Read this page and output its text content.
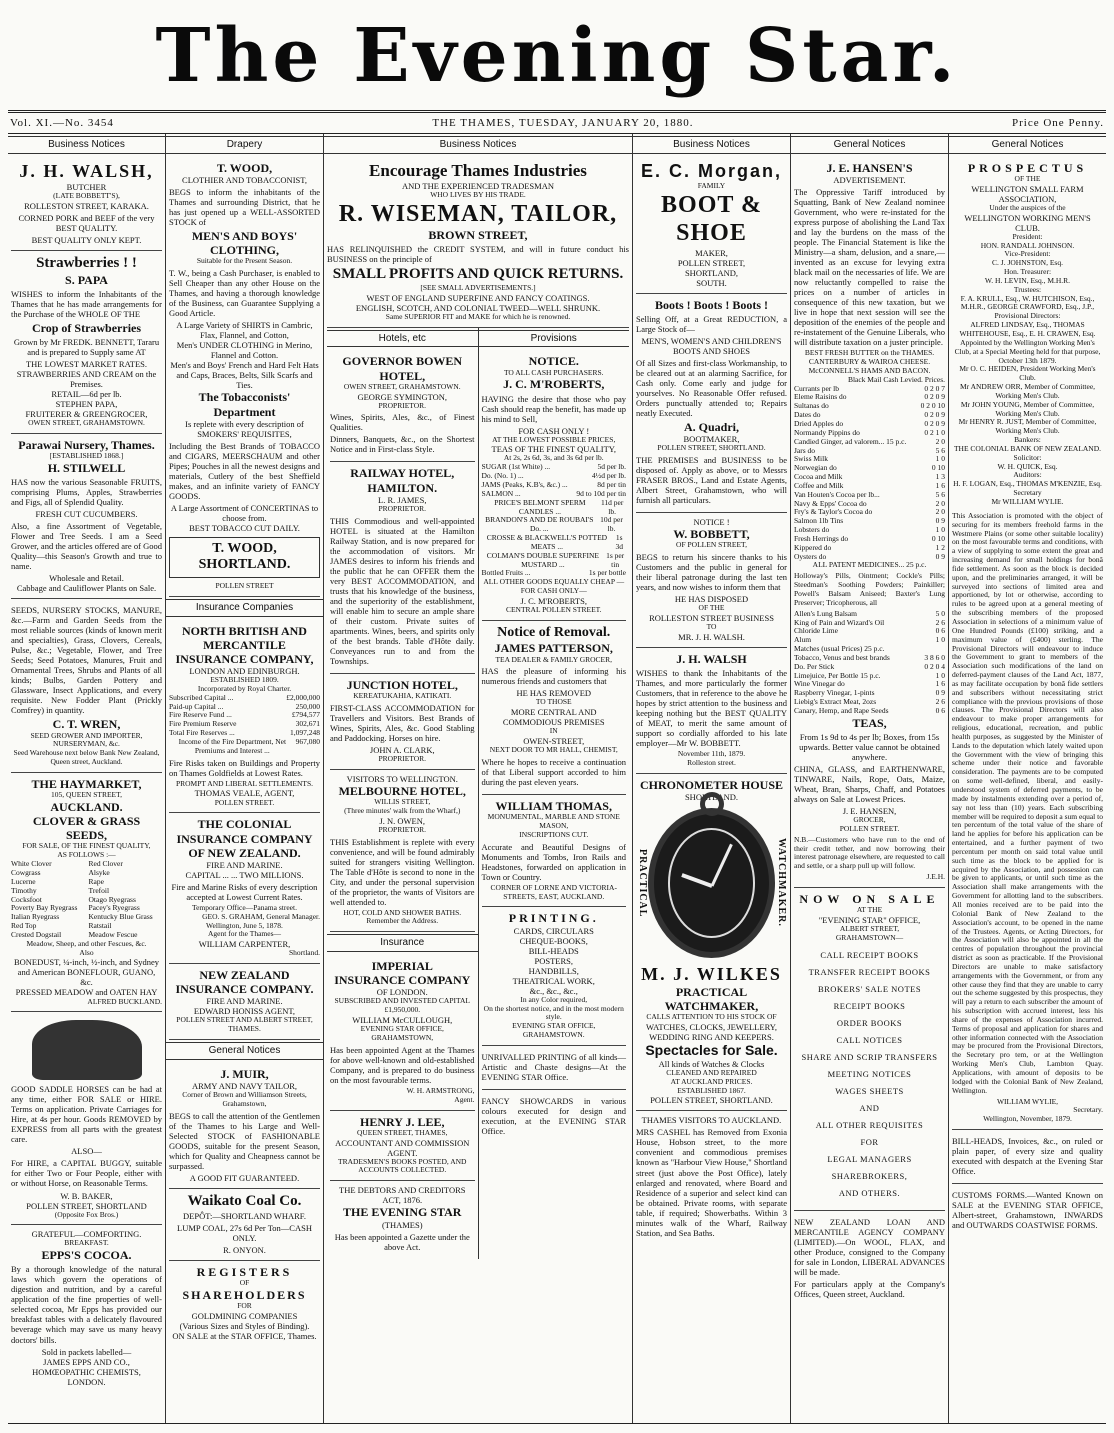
The Evening Star.
Vol. XI.—No. 3454	THE THAMES, TUESDAY, JANUARY 20, 1880.	Price One Penny.
Business Notices
J. H. WALSH,
BUTCHER
(LATE BOBBETT'S),
ROLLESTON STREET, KARAKA.

CORNED PORK and BEEF of the very BEST QUALITY.

BEST QUALITY ONLY KEPT.
Strawberries ! !
S. PAPA

WISHES to inform the Inhabitants of the Thames that he has made arrangements for the Purchase of the WHOLE OF THE

Crop of Strawberries

Grown by Mr FREDK. BENNETT, Tararu and is prepared to Supply same AT

THE LOWEST MARKET RATES.
STRAWBERRIES AND CREAM on the Premises.
RETAIL—6d per lb.
STEPHEN PAPA,
FRUITERER & GREENGROCER,
OWEN STREET, GRAHAMSTOWN.
Parawai Nursery, Thames.
[ESTABLISHED 1868.]
H. STILWELL

HAS now the various Seasonable FRUITS, comprising Plums, Apples, Strawberries and Figs, all of Splendid Quality.

FRESH CUT CUCUMBERS.

Also, a fine Assortment of Vegetable, Flower and Tree Seeds. I am a Seed Grower, and the articles offered are of Good Quality—this Season's Growth and true to name.

Wholesale and Retail.
Cabbage and Cauliflower Plants on Sale.

SEEDS, NURSERY STOCKS, MANURE, &c.—Farm and Garden Seeds from the most reliable sources (kinds of known merit and specialties), Grass, Clovers, Cereals, Pulse, &c.; Vegetable, Flower, and Tree Seeds; Seed Potatoes, Manures, Fruit and Ornamental Trees, Shrubs and Plants of all kinds; Bulbs, Garden Pottery and Glassware, Insect Applications, and every requisite. New Fodder Plant (Prickly Comfrey) in quantity.

C. T. WREN,
SEED GROWER AND IMPORTER, NURSERYMAN, &c.
Seed Warehouse next below Bank New Zealand, Queen street, Auckland.
THE HAYMARKET,
105, QUEEN STREET,
AUCKLAND.
CLOVER & GRASS SEEDS,
FOR SALE, OF THE FINEST QUALITY,
AS FOLLOWS :—
White Clover	Red Clover
Cowgrass	Alsyke
Lucerne	Rape
Timothy	Trefoil
Cocksfoot	Otago Ryegrass
Poverty Bay Ryegrass	Pacey's Ryegrass
Italian Ryegrass	Kentucky Blue Grass
Red Top	Ratstail
Crested Dogstail	Meadow Fescue
Meadow, Sheep, and other Fescues, &c.
Also
BONEDUST, ¼-inch, ½-inch, and Sydney and American BONEFLOUR, GUANO, &c.
PRESSED MEADOW and OATEN HAY
ALFRED BUCKLAND.

GOOD SADDLE HORSES can be had at any time, either FOR SALE or HIRE. Terms on application. Private Carriages for Hire, at 4s per hour. Goods REMOVED by EXPRESS from all parts with the greatest care.

ALSO—

For HIRE, a CAPITAL BUGGY, suitable for either Two or Four People, either with or without Horse, on Reasonable Terms.

W. B. BAKER,
POLLEN STREET, SHORTLAND
(Opposite Fox Bros.)
GRATEFUL—COMFORTING.
BREAKFAST.
EPPS'S COCOA.

By a thorough knowledge of the natural laws which govern the operations of digestion and nutrition, and by a careful application of the fine properties of well-selected cocoa, Mr Epps has provided our breakfast tables with a delicately flavoured beverage which may save us many heavy doctors' bills.

Sold in packets labelled—
JAMES EPPS AND CO.,
HOMŒOPATHIC CHEMISTS,
LONDON.
Drapery
T. WOOD,
CLOTHIER AND TOBACCONIST,

BEGS to inform the inhabitants of the Thames and surrounding District, that he has just opened up a WELL-ASSORTED STOCK of

MEN'S AND BOYS' CLOTHING,
Suitable for the Present Season.

T. W., being a Cash Purchaser, is enabled to Sell Cheaper than any other House on the Thames, and having a thorough knowledge of the Business, can Guarantee Supplying a Good Article.

A Large Variety of SHIRTS in Cambric, Flax, Flannel, and Cotton,
Men's UNDER CLOTHING in Merino, Flannel and Cotton.
Men's and Boys' French and Hard Felt Hats and Caps, Braces, Belts, Silk Scarfs and Ties.
The Tobacconists' Department
Is replete with every description of SMOKERS' REQUISITES,

Including the Best Brands of TOBACCO and CIGARS, MEERSCHAUM and other Pipes; Pouches in all the newest designs and materials, Cutlery of the best Sheffield makes, and an infinite variety of FANCY GOODS.

A Large Assortment of CONCERTINAS to choose from.
BEST TOBACCO CUT DAILY.
T. WOOD, SHORTLAND.
POLLEN STREET
Insurance Companies
NORTH BRITISH AND MERCANTILE INSURANCE COMPANY,
LONDON AND EDINBURGH.
ESTABLISHED 1809.
Incorporated by Royal Charter.
Subscribed Capital ...	£2,000,000
Paid-up Capital ...	250,000
Fire Reserve Fund ...	£794,577
Fire Premium Reserve	302,671
Total Fire Reserves ...	1,097,248
Income of the Fire Department, Net Premiums and Interest ...
967,080

Fire Risks taken on Buildings and Property on Thames Goldfields at Lowest Rates.

PROMPT AND LIBERAL SETTLEMENTS.
THOMAS VEALE, AGENT,
POLLEN STREET.
THE COLONIAL INSURANCE COMPANY OF NEW ZEALAND.
FIRE AND MARINE.
CAPITAL ... ... TWO MILLIONS.

Fire and Marine Risks of every description accepted at Lowest Current Rates.

Temporary Office—Panama street.
GEO. S. GRAHAM, General Manager.
Wellington, June 5, 1878.
Agent for the Thames—
WILLIAM CARPENTER,
Shortland.
NEW ZEALAND INSURANCE COMPANY.
FIRE AND MARINE.
EDWARD HONISS AGENT,
POLLEN STREET AND ALBERT STREET, THAMES.
General Notices
J. MUIR,
ARMY AND NAVY TAILOR,
Corner of Brown and Williamson Streets, Grahamstown,

BEGS to call the attention of the Gentlemen of the Thames to his Large and Well-Selected STOCK of FASHIONABLE GOODS, suitable for the present Season, which for Quality and Cheapness cannot be surpassed.

A GOOD FIT GUARANTEED.
Waikato Coal Co.
DEPÔT:—SHORTLAND WHARF.

LUMP COAL, 27s 6d Per Ton—CASH ONLY.

R. ONYON.
REGISTERS
OF
SHAREHOLDERS
FOR
GOLDMINING COMPANIES
(Various Sizes and Styles of Binding).
ON SALE at the STAR OFFICE, Thames.
Business Notices
Encourage Thames Industries
AND THE EXPERIENCED TRADESMAN
WHO LIVES BY HIS TRADE.
R. WISEMAN, TAILOR,
BROWN STREET,

HAS RELINQUISHED the CREDIT SYSTEM, and will in future conduct his BUSINESS on the principle of

SMALL PROFITS AND QUICK RETURNS.
[SEE SMALL ADVERTISEMENTS.]
WEST OF ENGLAND SUPERFINE AND FANCY COATINGS.
ENGLISH, SCOTCH, AND COLONIAL TWEED—WELL SHRUNK.
Same SUPERIOR FIT and MAKE for which he is renowned.
Hotels, etc
GOVERNOR BOWEN HOTEL,
OWEN STREET, GRAHAMSTOWN.
GEORGE SYMINGTON,
PROPRIETOR.

Wines, Spirits, Ales, &c., of Finest Qualities.

Dinners, Banquets, &c., on the Shortest Notice and in First-class Style.

RAILWAY HOTEL, HAMILTON.
L. R. JAMES,
PROPRIETOR.

THIS Commodious and well-appointed HOTEL is situated at the Hamilton Railway Station, and is now prepared for the accommodation of visitors. Mr JAMES desires to inform his friends and the public that he can OFFER them the very BEST ACCOMMODATION, and trusts that his knowledge of the business, and the superiority of the establishment, will enable him to secure an ample share of their custom. Private suites of apartments. Wines, beers, and spirits only of the best brands. Table d'Hôte daily. Conveyances run to and from the Townships.

JUNCTION HOTEL,
KEREATUKAHIA, KATIKATI.

FIRST-CLASS ACCOMMODATION for Travellers and Visitors. Best Brands of Wines, Spirits, Ales, &c. Good Stabling and Paddocking. Horses on hire.

JOHN A. CLARK,
PROPRIETOR.
VISITORS TO WELLINGTON.
MELBOURNE HOTEL,
WILLIS STREET,
(Three minutes' walk from the Wharf,)
J. N. OWEN,
PROPRIETOR.

THIS Establishment is replete with every convenience, and will be found admirably suited for strangers visiting Wellington. The Table d'Hôte is second to none in the City, and under the personal supervision of the proprietor, the wants of Visitors are well attended to.

HOT, COLD AND SHOWER BATHS.
Remember the Address.
Insurance
IMPERIAL
INSURANCE COMPANY
OF LONDON.
SUBSCRIBED AND INVESTED CAPITAL £1,950,000.
WILLIAM McCULLOUGH,
EVENING STAR OFFICE,
GRAHAMSTOWN,

Has been appointed Agent at the Thames for above well-known and old-established Company, and is prepared to do business on the most favourable terms.

W. H. ARMSTRONG,
Agent.
HENRY J. LEE,
QUEEN STREET, THAMES,
ACCOUNTANT AND COMMISSION AGENT.
TRADESMEN'S BOOKS POSTED, AND ACCOUNTS COLLECTED.
THE DEBTORS AND CREDITORS ACT, 1876.
THE EVENING STAR
(THAMES)

Has been appointed a Gazette under the above Act.

Provisions
NOTICE.
TO ALL CASH PURCHASERS.
J. C. M'ROBERTS,

HAVING the desire that those who pay Cash should reap the benefit, has made up his mind to Sell,

FOR CASH ONLY !
AT THE LOWEST POSSIBLE PRICES,
TEAS OF THE FINEST QUALITY,
At 2s, 2s 6d, 3s, and 3s 6d per lb.
SUGAR (1st White) ...	5d per lb.
Do. (No. 1) ...	4½d per lb.
JAMS (Peaks, K.B's, &c.) ...	8d per tin
SALMON ...	9d to 10d per tin
PRICE'S BELMONT SPERM CANDLES ...
11d per lb.
BRANDON'S AND DE ROUBAI'S Do. ...
10d per lb.
CROSSE & BLACKWELL'S POTTED MEATS ...
1s 3d
COLMAN'S DOUBLE SUPERFINE MUSTARD ...
1s per tin
Bottled Fruits ...	1s per bottle
ALL OTHER GOODS EQUALLY CHEAP —FOR CASH ONLY—
J. C. M'ROBERTS,
CENTRAL POLLEN STREET.
Notice of Removal.
JAMES PATTERSON,
TEA DEALER & FAMILY GROCER,

HAS the pleasure of informing his numerous friends and customers that

HE HAS REMOVED
TO THOSE
MORE CENTRAL AND COMMODIOUS PREMISES
IN
OWEN-STREET,
NEXT DOOR TO MR HALL, CHEMIST,

Where he hopes to receive a continuation of that Liberal support accorded to him during the past eleven years.

WILLIAM THOMAS,
MONUMENTAL, MARBLE AND STONE MASON,
INSCRIPTIONS CUT.

Accurate and Beautiful Designs of Monuments and Tombs, Iron Rails and Headstones, forwarded on application in Town or Country.

CORNER OF LORNE AND VICTORIA-STREETS, EAST, AUCKLAND.
PRINTING.
CARDS, CIRCULARS
CHEQUE-BOOKS,
BILL-HEADS
POSTERS,
HANDBILLS,
THEATRICAL WORK,
&c., &c., &c.,
In any Color required,
On the shortest notice, and in the most modern style.
EVENING STAR OFFICE,
GRAHAMSTOWN.

UNRIVALLED PRINTING of all kinds—Artistic and Chaste designs—At the EVENING STAR Office.

FANCY SHOWCARDS in various colours executed for design and execution, at the EVENING STAR Office.

Business Notices
E. C. Morgan,
FAMILY
BOOT & SHOE
MAKER,
POLLEN STREET,
SHORTLAND,
SOUTH.
Boots ! Boots ! Boots !

Selling Off, at a Great REDUCTION, a Large Stock of—

MEN'S, WOMEN'S AND CHILDREN'S BOOTS AND SHOES

Of all Sizes and first-class Workmanship, to be cleared out at an alarming Sacrifice, for Cash only. Come early and judge for yourselves. No Reasonable Offer refused. Orders punctually attended to; Repairs neatly Executed.

A. Quadri,
BOOTMAKER,
POLLEN STREET, SHORTLAND.

THE PREMISES and BUSINESS to be disposed of. Apply as above, or to Messrs FRASER BROS., Land and Estate Agents, Albert Street, Grahamstown, who will furnish all particulars.

NOTICE !
W. BOBBETT,
OF POLLEN STREET,

BEGS to return his sincere thanks to his Customers and the public in general for their liberal patronage during the last ten years, and now wishes to inform them that

HE HAS DISPOSED
OF THE
ROLLESTON STREET BUSINESS
TO
MR. J. H. WALSH.
J. H. WALSH

WISHES to thank the Inhabitants of the Thames, and more particularly the former Customers, that in reference to the above he hopes by strict attention to the business and keeping nothing but the BEST QUALITY of MEAT, to merit the same amount of support so cordially afforded to his late employer—Mr W. BOBBETT.

November 11th, 1879.
Rolleston street.
CHRONOMETER HOUSE
SHORTLAND.
PRACTICAL	WATCHMAKER.
M. J. WILKES
PRACTICAL WATCHMAKER,
CALLS ATTENTION TO HIS STOCK OF
WATCHES, CLOCKS, JEWELLERY, WEDDING RING AND KEEPERS.
Spectacles for Sale.
All kinds of Watches & Clocks
CLEANED AND REPAIRED
AT AUCKLAND PRICES.
ESTABLISHED 1867.
POLLEN STREET, SHORTLAND.
THAMES VISITORS TO AUCKLAND.

MRS CASHEL has Removed from Exonia House, Hobson street, to the more convenient and commodious premises known as "Harbour View House," Shortland street (just above the Post Office), lately enlarged and renovated, where Board and Residence of a superior and select kind can be obtained. Private rooms, with separate table, if required; Showerbaths. Within 3 minutes walk of the Wharf, Railway Station, and Sea Baths.

General Notices
J. E. HANSEN'S
ADVERTISEMENT.

The Oppressive Tariff introduced by Squatting, Bank of New Zealand nominee Government, who were re-instated for the express purpose of abolishing the Land Tax and lay the burdens on the mass of the people. The Financial Statement is like the Ministry—a sham, delusion, and a snare,—invented as an excuse for levying extra black mail on the necessaries of life. We are now reluctantly compelled to raise the prices on a number of articles in consequence of this new taxation, but we live in hope that next session will see the deposition of the enemies of the people and re-instatement of the Genuine Liberals, who will distribute taxation on a juster principle.

BEST FRESH BUTTER on the THAMES. CANTERBURY & WAIROA CHEESE. McCONNELL'S HAMS AND BACON.
Black Mail Cash Levied. Prices.
Currants per lb	0 2 0 7
Eleme Raisins do	0 2 0 9
Sultanas do	0 2 0 10
Dates do	0 2 0 9
Dried Apples do	0 2 0 9
Normandy Pippins do	0 2 1 0
Candied Ginger, ad valorem... 15 p.c.	2 0
Jars do	5 6
Swiss Milk	1 0
Norwegian do	0 10
Cocoa and Milk	1 3
Coffee and Milk	1 6
Van Houten's Cocoa per lb...	5 6
Navy & Epps' Cocoa do	2 0
Fry's & Taylor's Cocoa do	2 0
Salmon 1lb Tins	0 9
Lobsters do	1 0
Fresh Herrings do	0 10
Kippered do	1 2
Oysters do	0 9
ALL PATENT MEDICINES... 25 p.c.

Holloway's Pills, Ointment; Cockle's Pills; Steedman's Soothing Powders; Painkiller; Powell's Balsam Aniseed; Baxter's Lung Preserver; Tricopherous, all

Allen's Lung Balsam	5 0
King of Pain and Wizard's Oil	2 6
Chloride Lime	0 6
Alum	1 0
Matches (usual Prices) 25 p.c.
Tobacco, Venus and best brands	3 8 6 0
Do. Per Stick	0 2 0 4
Limejuice, Per Bottle 15 p.c.	1 0
Wine Vinegar do	1 6
Raspberry Vinegar, 1-pints	0 9
Liebig's Extract Meat, 2ozs	2 6
Canary, Hemp, and Rape Seeds	0 6
TEAS,

From 1s 9d to 4s per lb; Boxes, from 15s upwards. Better value cannot be obtained anywhere.

CHINA, GLASS, and EARTHENWARE, TINWARE, Nails, Rope, Oats, Maize, Wheat, Bran, Sharps, Chaff, and Potatoes always on Sale at Lowest Prices.

J. E. HANSEN,
GROCER,
POLLEN STREET.

N.B.—Customers who have run to the end of their credit tether, and now borrowing their interest patronage elsewhere, are requested to call and settle, or a sharp pull up will follow.

J.E.H.
NOW ON SALE
AT THE
"EVENING STAR" OFFICE,
ALBERT STREET,
GRAHAMSTOWN—
CALL RECEIPT BOOKS
TRANSFER RECEIPT BOOKS
BROKERS' SALE NOTES
RECEIPT BOOKS
ORDER BOOKS
CALL NOTICES
SHARE AND SCRIP TRANSFERS
MEETING NOTICES
WAGES SHEETS
AND
ALL OTHER REQUISITES
FOR
LEGAL MANAGERS
SHAREBROKERS,
AND OTHERS.

NEW ZEALAND LOAN AND MERCANTILE AGENCY COMPANY (LIMITED).—On WOOL, FLAX, and other Produce, consigned to the Company for sale in London, LIBERAL ADVANCES will be made.

For particulars apply at the Company's Offices, Queen street, Auckland.

General Notices
PROSPECTUS
OF THE
WELLINGTON SMALL FARM ASSOCIATION,
Under the auspices of the
WELLINGTON WORKING MEN'S CLUB.
President:
HON. RANDALL JOHNSON.
Vice-President:
C. J. JOHNSTON, Esq.
Hon. Treasurer:
W. H. LEVIN, Esq., M.H.R.
Trustees:
F. A. KRULL, Esq., W. HUTCHISON, Esq., M.H.R., GEORGE CRAWFORD, Esq., J.P.,
Provisional Directors:
ALFRED LINDSAY, Esq., THOMAS WHITEHOUSE, Esq., E. H. CRAWEN, Esq.
Appointed by the Wellington Working Men's Club, at a Special Meeting held for that purpose, October 13th 1879.
Mr O. C. HEIDEN, President Working Men's Club.
Mr ANDREW ORR, Member of Committee, Working Men's Club.
Mr JOHN YOUNG, Member of Committee, Working Men's Club.
Mr HENRY R. JUST, Member of Committee, Working Men's Club.
Bankers:
THE COLONIAL BANK OF NEW ZEALAND.
Solicitor:
W. H. QUICK, Esq.
Auditors:
H. F. LOGAN, Esq., THOMAS M'KENZIE, Esq.
Secretary
Mr WILLIAM WYLIE.

This Association is promoted with the object of securing for its members freehold farms in the Westmere Plains (or some other suitable locality) on the most favourable terms and conditions, with a view of supplying to some extent the great and increasing demand for small holdings for bonâ fide settlement. As soon as the block is decided upon, and the preliminaries arranged, it will be surveyed into sections of limited area and apportioned, by lot or otherwise, according to rules to be agreed upon at a general meeting of the subscribing members of the proposed Association in selections of a minimum value of One Hundred Pounds (£100) striking, and a maximum value of (£400) sterling. The Provisional Directors will endeavour to induce the Government to grant to members of the Association such modifications of the land on deferred-payment clauses of the Land Act, 1877, as may facilitate occupation by bonâ fide settlers and subscribers without necessitating strict compliance with the previous provisions of those clauses. The Provisional Directors will also endeavour to make proper arrangements for religious, educational, recreation, and public health purposes, as suggested by the Minister of Lands to the deputation which lately waited upon the Government with the view of bringing this scheme under their notice and favorable consideration. The payments are to be computed on some well-defined, liberal, and easily-understood system of deferred payments, to be made by instalments extending over a period of, say not less than (10) years. Each subscribing member will be required to deposit a sum equal to ten percentum of the total value of the share of land he applies for before his application can be entertained, and a further payment of two percentum per month on said total value until such time as the block to be applied for is acquired by the Association, and possession can be given to applicants, or until such time as the Association shall make arrangements with the Government for allotting land to the subscribers. All monies received are to be paid into the Colonial Bank of New Zealand to the Association's account, to be opened in the name of the Trustees. Agents, or Acting Directors, for the Association will also be appointed in all the centres of population throughout the provincial district as soon as practicable. If the Provisional Directors are unable to make satisfactory arrangements with the Government, or from any other cause they find that they are unable to carry out the scheme suggested by this prospectus, they will pay a return to each subscriber the amount of his subscription with accrued interest, less his share of the expenses of Association incurred. Terms of proposal and application for shares and other information connected with the Association may be procured from the Provisional Directors, the Secretary pro tem, or at the Wellington Working Men's Club, Lambton Quay. Applications, with amount of deposits to be lodged with the Colonial Bank of New Zealand, Wellington.

WILLIAM WYLIE,
Secretary.
Wellington, November, 1879.

BILL-HEADS, Invoices, &c., on ruled or plain paper, of every size and quality executed with despatch at the Evening Star Office.

CUSTOMS FORMS.—Wanted Known on SALE at the EVENING STAR OFFICE, Albert-street, Grahamstown, INWARDS and OUTWARDS COASTWISE FORMS.
